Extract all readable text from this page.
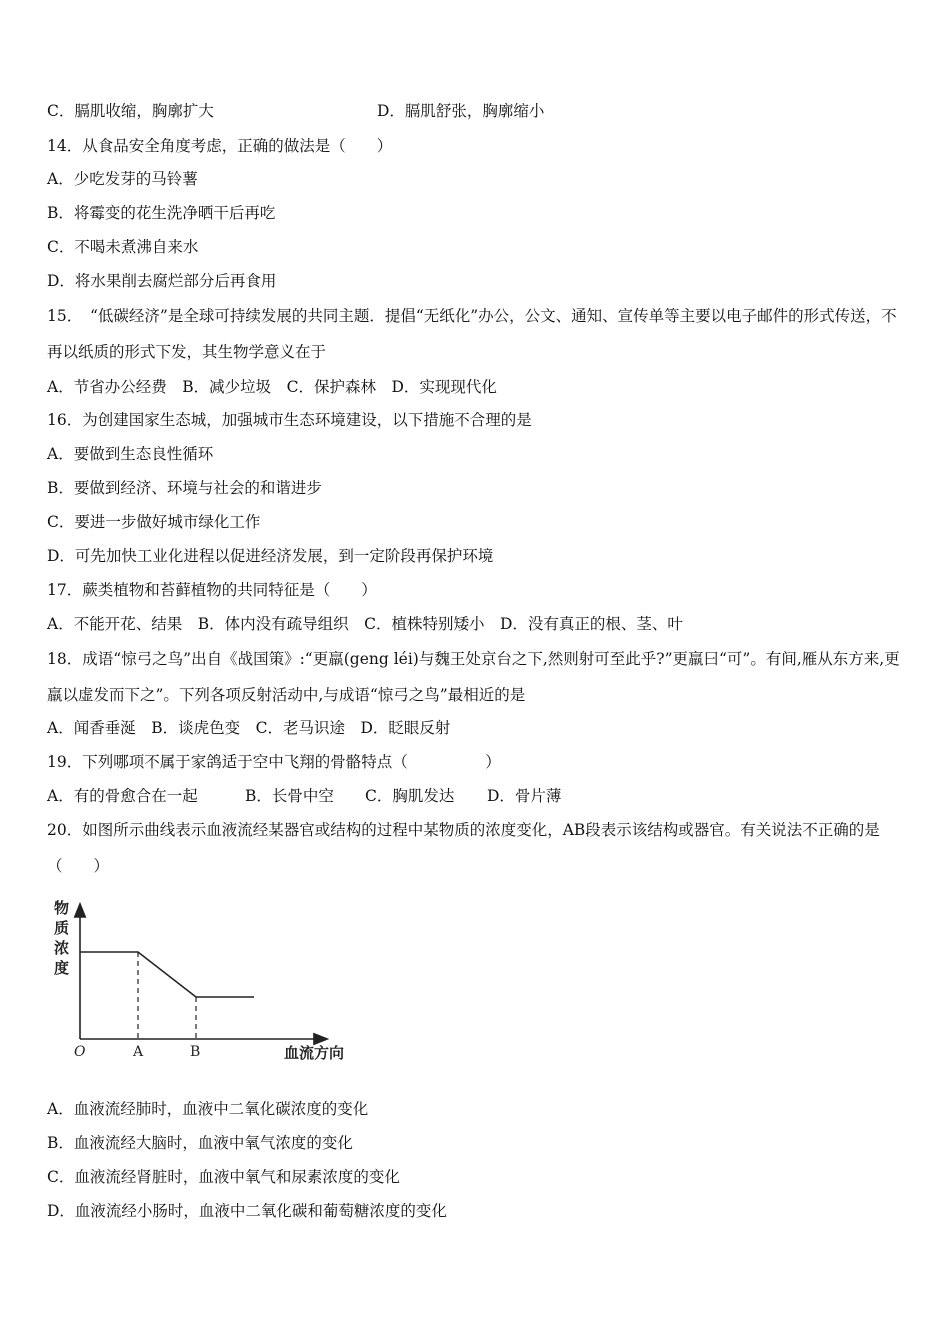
C．膈肌收缩，胸廓扩大	D．膈肌舒张，胸廓缩小
14．从食品安全角度考虑，正确的做法是（　　）
A．少吃发芽的马铃薯
B．将霉变的花生洗净晒干后再吃
C．不喝未煮沸自来水
D．将水果削去腐烂部分后再食用
15．　“低碳经济”是全球可持续发展的共同主题．提倡“无纸化”办公，公文、通知、宣传单等主要以电子邮件的形式传送，不再以纸质的形式下发，其生物学意义在于
A．节省办公经费　B．减少垃圾　C．保护森林　D．实现现代化
16．为创建国家生态城，加强城市生态环境建设，以下措施不合理的是
A．要做到生态良性循环
B．要做到经济、环境与社会的和谐进步
C．要进一步做好城市绿化工作
D．可先加快工业化进程以促进经济发展，到一定阶段再保护环境
17．蕨类植物和苔藓植物的共同特征是（　　）
A．不能开花、结果　B．体内没有疏导组织　C．植株特别矮小　D．没有真正的根、茎、叶
18．成语“惊弓之鸟”出自《战国策》:“更羸(geng léi)与魏王处京台之下,然则射可至此乎?”更羸曰“可”。有间,雁从东方来,更羸以虚发而下之”。下列各项反射活动中,与成语“惊弓之鸟”最相近的是
A．闻香垂涎　B．谈虎色变　C．老马识途　D．眨眼反射
19．下列哪项不属于家鸽适于空中飞翔的骨骼特点（　　　　　）
A．有的骨愈合在一起	B．长骨中空 C．胸肌发达 D．骨片薄
20．如图所示曲线表示血液流经某器官或结构的过程中某物质的浓度变化，AB段表示该结构或器官。有关说法不正确的是（　　）
物
质
浓
度
O	A	B	血流方向
A．血液流经肺时，血液中二氧化碳浓度的变化
B．血液流经大脑时，血液中氧气浓度的变化
C．血液流经肾脏时，血液中氧气和尿素浓度的变化
D．血液流经小肠时，血液中二氧化碳和葡萄糖浓度的变化
